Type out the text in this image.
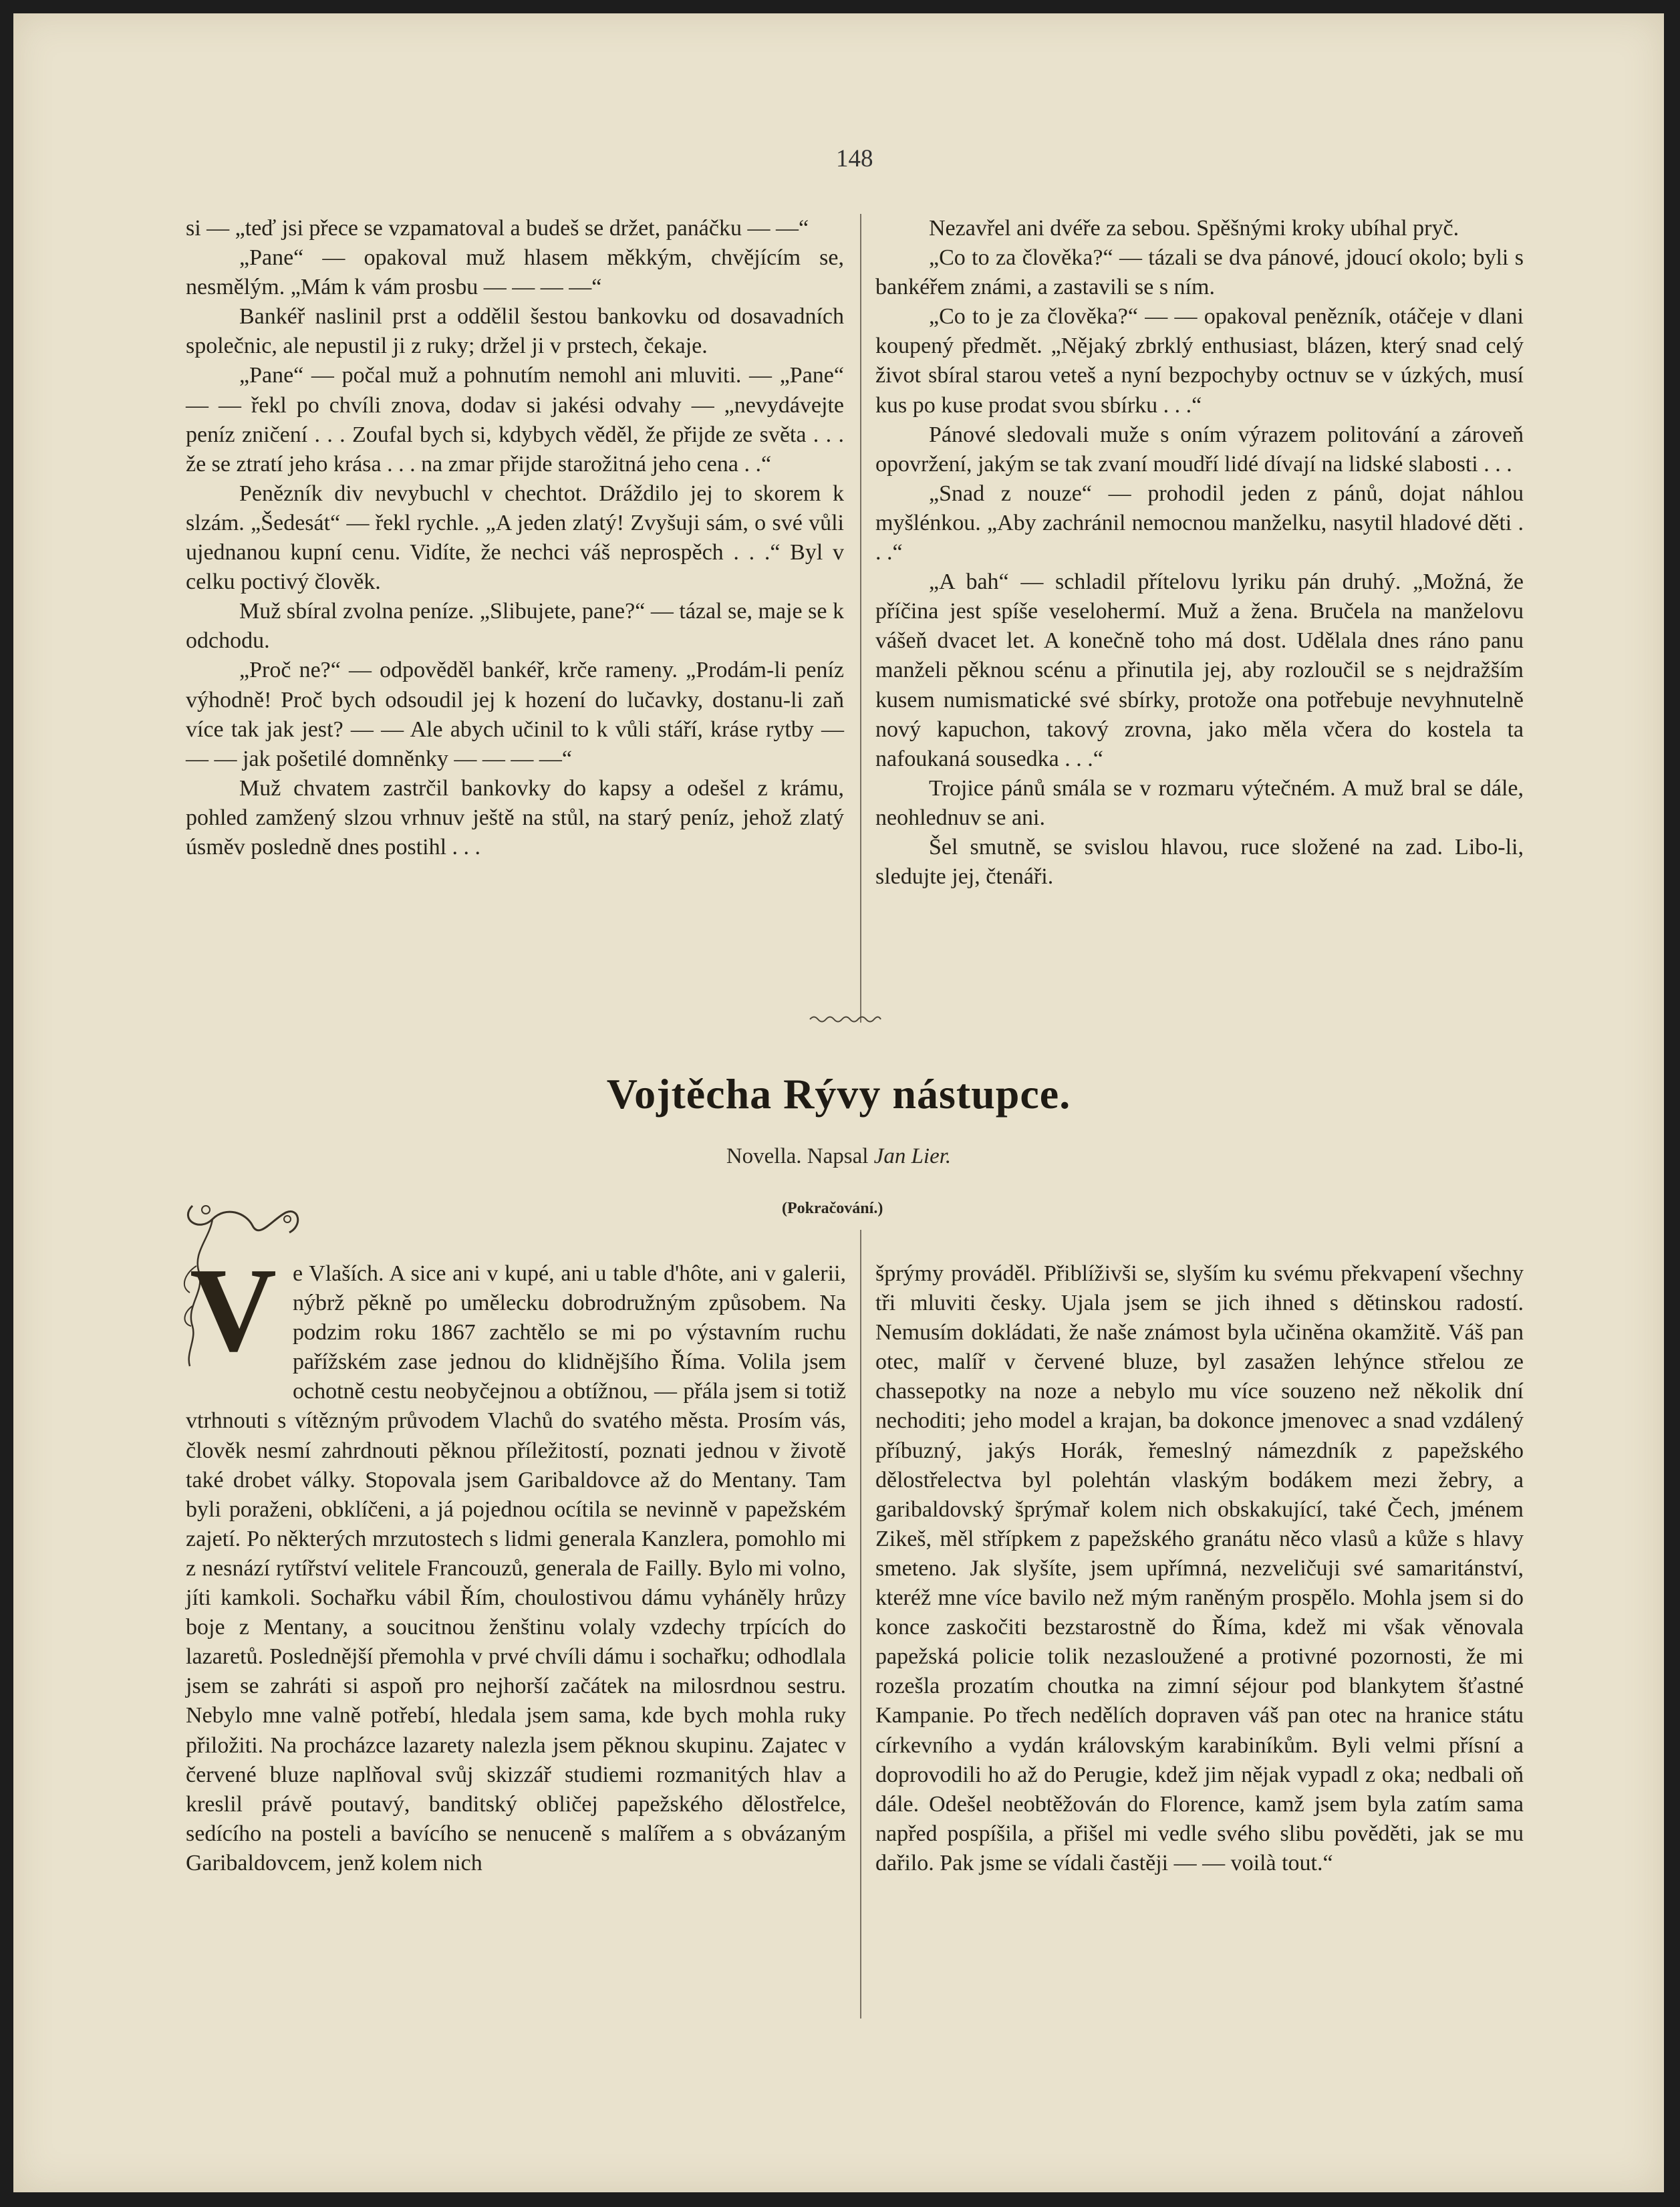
148

si — „teď jsi přece se vzpamatoval a budeš se držet, panáčku — —“

„Pane“ — opakoval muž hlasem měkkým, chvějícím se, nesmělým. „Mám k vám prosbu — — — —“

Bankéř naslinil prst a oddělil šestou bankovku od dosavadních společnic, ale nepustil ji z ruky; držel ji v prstech, čekaje.

„Pane“ — počal muž a pohnutím nemohl ani mluviti. — „Pane“ — — řekl po chvíli znova, dodav si jakési odvahy — „nevydávejte peníz zničení . . . Zoufal bych si, kdybych věděl, že přijde ze světa . . . že se ztratí jeho krása . . . na zmar přijde starožitná jeho cena . .“

Penězník div nevybuchl v chechtot. Dráždilo jej to skorem k slzám. „Šedesát“ — řekl rychle. „A jeden zlatý! Zvyšuji sám, o své vůli ujednanou kupní cenu. Vidíte, že nechci váš neprospěch . . .“ Byl v celku poctivý člověk.

Muž sbíral zvolna peníze. „Slibujete, pane?“ — tázal se, maje se k odchodu.

„Proč ne?“ — odpověděl bankéř, krče rameny. „Prodám-li peníz výhodně! Proč bych odsoudil jej k hození do lučavky, dostanu-li zaň více tak jak jest? — — Ale abych učinil to k vůli stáří, kráse rytby — — — jak pošetilé domněnky — — — —“

Muž chvatem zastrčil bankovky do kapsy a odešel z krámu, pohled zamžený slzou vrhnuv ještě na stůl, na starý peníz, jehož zlatý úsměv posledně dnes postihl . . .

Nezavřel ani dvéře za sebou. Spěšnými kroky ubíhal pryč.

„Co to za člověka?“ — tázali se dva pánové, jdoucí okolo; byli s bankéřem známi, a zastavili se s ním.

„Co to je za člověka?“ — — opakoval penězník, otáčeje v dlani koupený předmět. „Nějaký zbrklý enthusiast, blázen, který snad celý život sbíral starou veteš a nyní bezpochyby octnuv se v úzkých, musí kus po kuse prodat svou sbírku . . .“

Pánové sledovali muže s oním výrazem politování a zároveň opovržení, jakým se tak zvaní moudří lidé dívají na lidské slabosti . . .

„Snad z nouze“ — prohodil jeden z pánů, dojat náhlou myšlénkou. „Aby zachránil nemocnou manželku, nasytil hladové děti . . .“

„A bah“ — schladil přítelovu lyriku pán druhý. „Možná, že příčina jest spíše veselohermí. Muž a žena. Bručela na manželovu vášeň dvacet let. A konečně toho má dost. Udělala dnes ráno panu manželi pěknou scénu a přinutila jej, aby rozloučil se s nejdražším kusem numismatické své sbírky, protože ona potřebuje nevyhnutelně nový kapuchon, takový zrovna, jako měla včera do kostela ta nafoukaná sousedka . . .“

Trojice pánů smála se v rozmaru výtečném. A muž bral se dále, neohlednuv se ani.

Šel smutně, se svislou hlavou, ruce složené na zad. Libo-li, sledujte jej, čtenáři.

Vojtěcha Rývy nástupce.
Novella. Napsal Jan Lier.
(Pokračování.)
V e Vlaších. A sice ani v kupé, ani u table d'hôte, ani v galerii, nýbrž pěkně po umělecku dobrodružným způsobem. Na podzim roku 1867 zachtělo se mi po výstavním ruchu pařížském zase jednou do klidnějšího Říma. Volila jsem ochotně cestu neobyčejnou a obtížnou, — přála jsem si totiž vtrhnouti s vítězným průvodem Vlachů do svatého města. Prosím vás, člověk nesmí zahrdnouti pěknou příležitostí, poznati jednou v životě také drobet války. Stopovala jsem Garibaldovce až do Mentany. Tam byli poraženi, obklíčeni, a já pojednou ocítila se nevinně v papežském zajetí. Po některých mrzutostech s lidmi generala Kanzlera, pomohlo mi z nesnází rytířství velitele Francouzů, generala de Failly. Bylo mi volno, jíti kamkoli. Sochařku vábil Řím, choulostivou dámu vyháněly hrůzy boje z Mentany, a soucitnou ženštinu volaly vzdechy trpících do lazaretů. Poslednější přemohla v prvé chvíli dámu i sochařku; odhodlala jsem se zahráti si aspoň pro nejhorší začátek na milosrdnou sestru. Nebylo mne valně potřebí, hledala jsem sama, kde bych mohla ruky přiložiti. Na procházce lazarety nalezla jsem pěknou skupinu. Zajatec v červené bluze naplňoval svůj skizzář studiemi rozmanitých hlav a kreslil právě poutavý, banditský obličej papežského dělostřelce, sedícího na posteli a bavícího se nenuceně s malířem a s obvázaným Garibaldovcem, jenž kolem nich

šprýmy prováděl. Přiblíživši se, slyším ku svému překvapení všechny tři mluviti česky. Ujala jsem se jich ihned s dětinskou radostí. Nemusím dokládati, že naše známost byla učiněna okamžitě. Váš pan otec, malíř v červené bluze, byl zasažen lehýnce střelou ze chassepotky na noze a nebylo mu více souzeno než několik dní nechoditi; jeho model a krajan, ba dokonce jmenovec a snad vzdálený příbuzný, jakýs Horák, řemeslný námezdník z papežského dělostřelectva byl polehtán vlaským bodákem mezi žebry, a garibaldovský šprýmař kolem nich obskakující, také Čech, jménem Zikeš, měl střípkem z papežského granátu něco vlasů a kůže s hlavy smeteno. Jak slyšíte, jsem upřímná, nezveličuji své samaritánství, kteréž mne více bavilo než mým raněným prospělo. Mohla jsem si do konce zaskočiti bezstarostně do Říma, kdež mi však věnovala papežská policie tolik nezasloužené a protivné pozornosti, že mi rozešla prozatím choutka na zimní séjour pod blankytem šťastné Kampanie. Po třech nedělích dopraven váš pan otec na hranice státu církevního a vydán královským karabiníkům. Byli velmi přísní a doprovodili ho až do Perugie, kdež jim nějak vypadl z oka; nedbali oň dále. Odešel neobtěžován do Florence, kamž jsem byla zatím sama napřed pospíšila, a přišel mi vedle svého slibu pověděti, jak se mu dařilo. Pak jsme se vídali častěji — — voilà tout.“
